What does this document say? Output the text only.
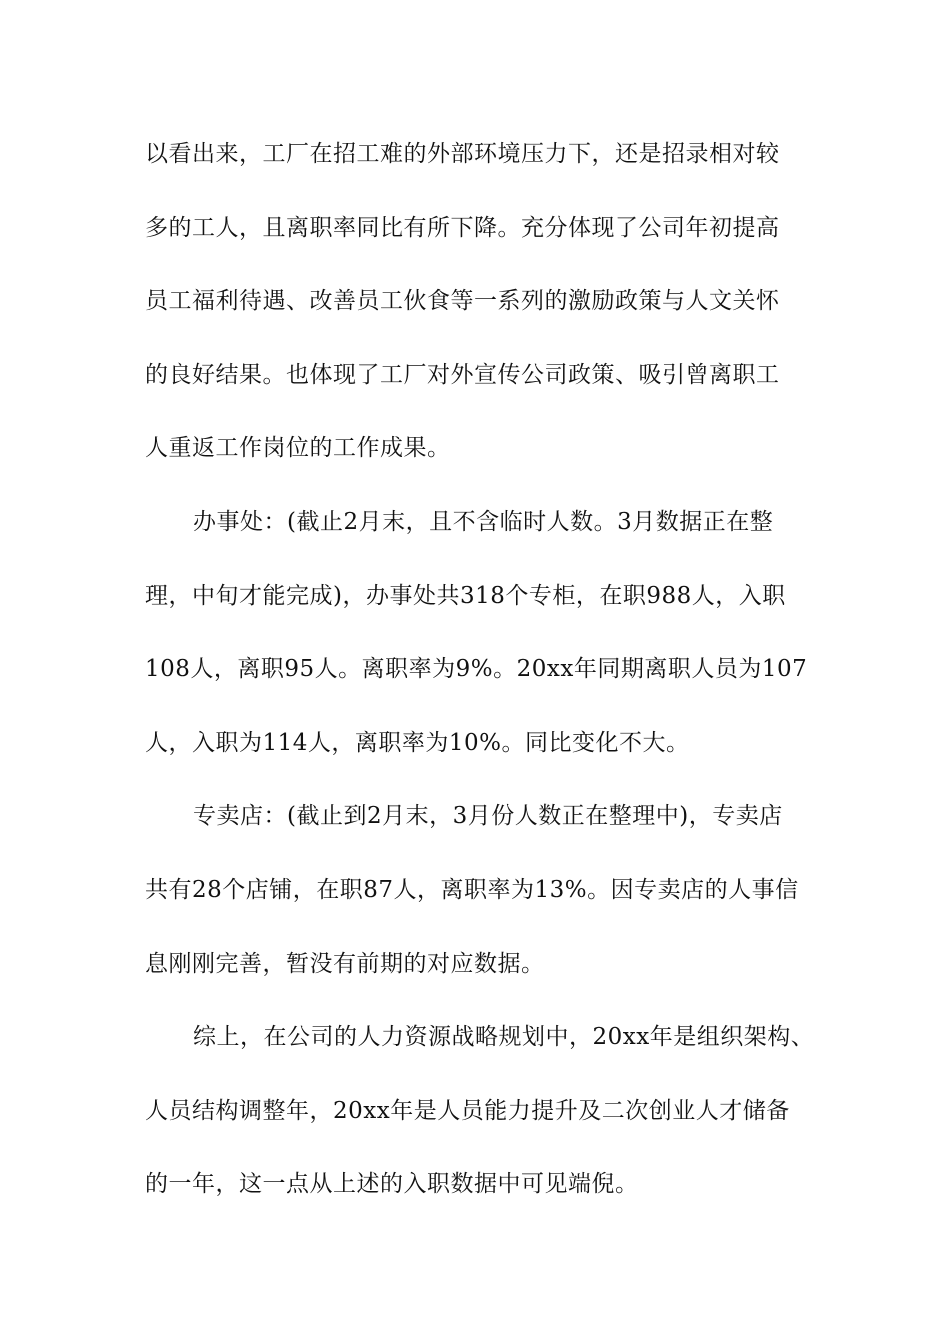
以看出来，工厂在招工难的外部环境压力下，还是招录相对较
多的工人，且离职率同比有所下降。充分体现了公司年初提高
员工福利待遇、改善员工伙食等一系列的激励政策与人文关怀
的良好结果。也体现了工厂对外宣传公司政策、吸引曾离职工
人重返工作岗位的工作成果。
办事处：(截止2月末，且不含临时人数。3月数据正在整
理，中旬才能完成)，办事处共318个专柜，在职988人，入职
108人，离职95人。离职率为9%。20xx年同期离职人员为107
人，入职为114人，离职率为10%。同比变化不大。
专卖店：(截止到2月末，3月份人数正在整理中)，专卖店
共有28个店铺，在职87人，离职率为13%。因专卖店的人事信
息刚刚完善，暂没有前期的对应数据。
综上，在公司的人力资源战略规划中，20xx年是组织架构、
人员结构调整年，20xx年是人员能力提升及二次创业人才储备
的一年，这一点从上述的入职数据中可见端倪。
